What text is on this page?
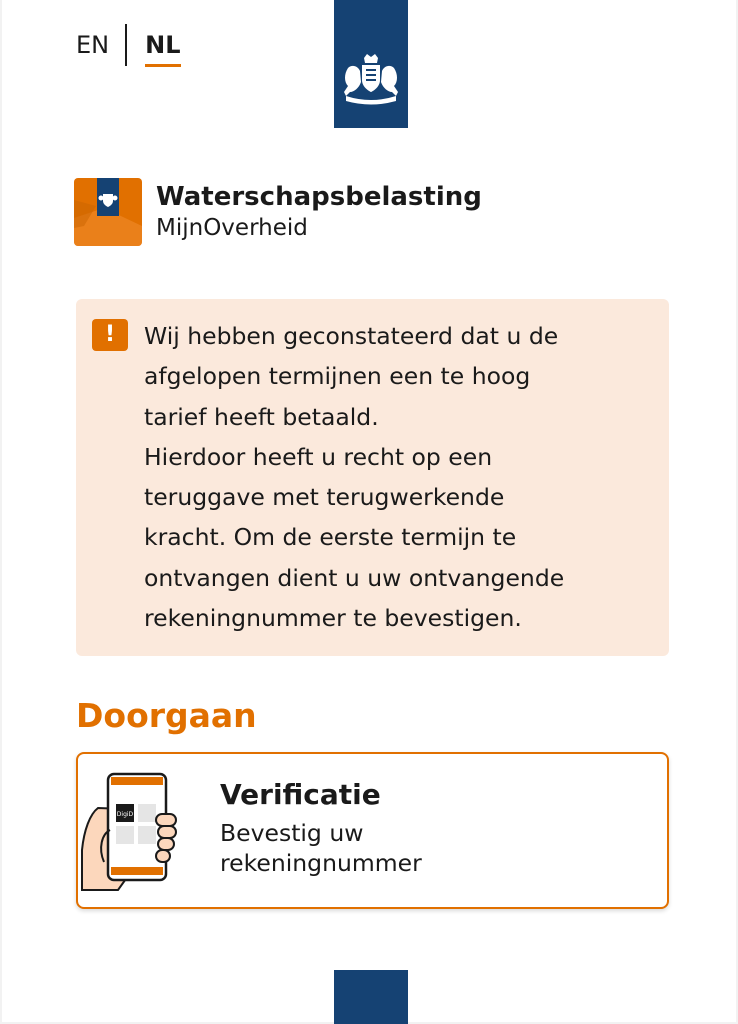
EN NL
Waterschapsbelasting
MijnOverheid
!	Wij hebben geconstateerd dat u de
afgelopen termijnen een te hoog
tarief heeft betaald.
Hierdoor heeft u recht op een
teruggave met terugwerkende
kracht. Om de eerste termijn te
ontvangen dient u uw ontvangende
rekeningnummer te bevestigen.
Doorgaan
DigiD
Verificatie
Bevestig uw rekeningnummer
